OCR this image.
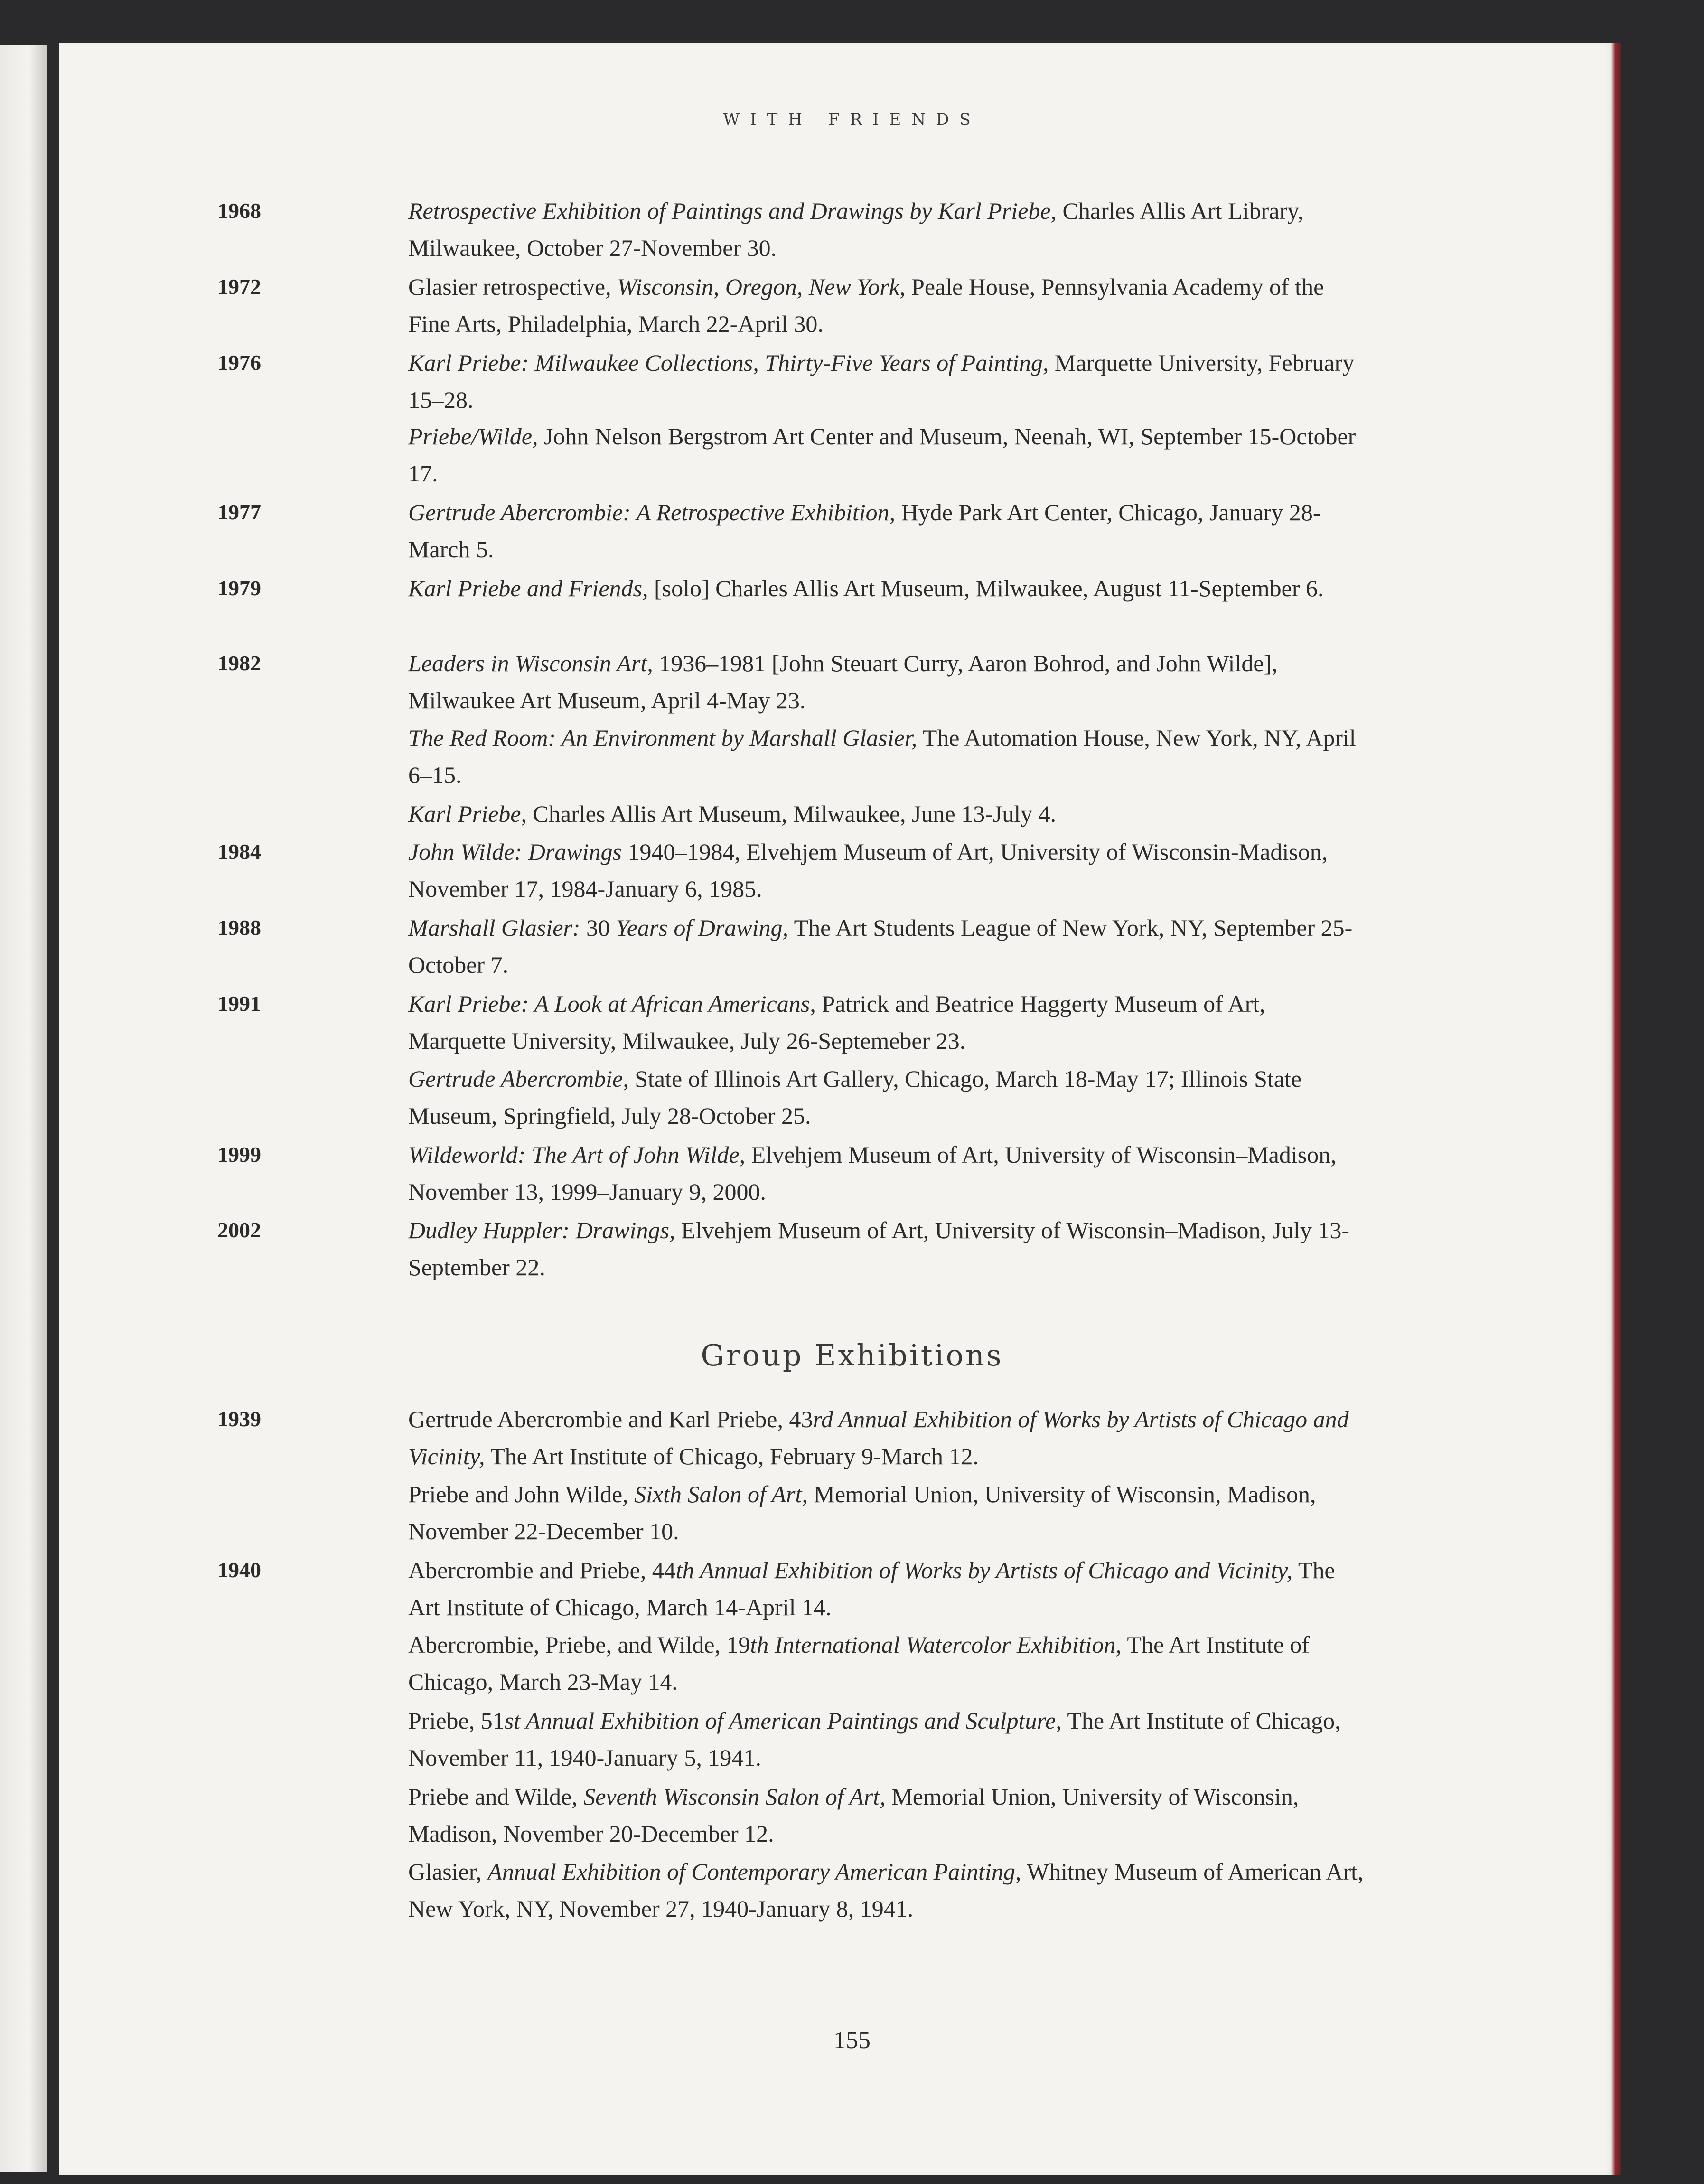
WITH FRIENDS
1968	Retrospective Exhibition of Paintings and Drawings by Karl Priebe, Charles Allis Art Library, Milwaukee, October 27-November 30.
1972	Glasier retrospective, Wisconsin, Oregon, New York, Peale House, Pennsylvania Academy of the Fine Arts, Philadelphia, March 22-April 30.
1976	Karl Priebe: Milwaukee Collections, Thirty-Five Years of Painting, Marquette University, February 15–28.
Priebe/Wilde, John Nelson Bergstrom Art Center and Museum, Neenah, WI, September 15-October 17.
1977	Gertrude Abercrombie: A Retrospective Exhibition, Hyde Park Art Center, Chicago, January 28-March 5.
1979	Karl Priebe and Friends, [solo] Charles Allis Art Museum, Milwaukee, August 11-September 6.
1982	Leaders in Wisconsin Art, 1936–1981 [John Steuart Curry, Aaron Bohrod, and John Wilde], Milwaukee Art Museum, April 4-May 23.
The Red Room: An Environment by Marshall Glasier, The Automation House, New York, NY, April 6–15.
Karl Priebe, Charles Allis Art Museum, Milwaukee, June 13-July 4.
1984	John Wilde: Drawings 1940–1984, Elvehjem Museum of Art, University of Wisconsin-Madison, November 17, 1984-January 6, 1985.
1988	Marshall Glasier: 30 Years of Drawing, The Art Students League of New York, NY, September 25-October 7.
1991	Karl Priebe: A Look at African Americans, Patrick and Beatrice Haggerty Museum of Art, Marquette University, Milwaukee, July 26-Septemeber 23.
Gertrude Abercrombie, State of Illinois Art Gallery, Chicago, March 18-May 17; Illinois State Museum, Springfield, July 28-October 25.
1999	Wildeworld: The Art of John Wilde, Elvehjem Museum of Art, University of Wisconsin–Madison, November 13, 1999–January 9, 2000.
2002	Dudley Huppler: Drawings, Elvehjem Museum of Art, University of Wisconsin–Madison, July 13-September 22.
Group Exhibitions
1939	Gertrude Abercrombie and Karl Priebe, 43rd Annual Exhibition of Works by Artists of Chicago and Vicinity, The Art Institute of Chicago, February 9-March 12.
Priebe and John Wilde, Sixth Salon of Art, Memorial Union, University of Wisconsin, Madison, November 22-December 10.
1940	Abercrombie and Priebe, 44th Annual Exhibition of Works by Artists of Chicago and Vicinity, The Art Institute of Chicago, March 14-April 14.
Abercrombie, Priebe, and Wilde, 19th International Watercolor Exhibition, The Art Institute of Chicago, March 23-May 14.
Priebe, 51st Annual Exhibition of American Paintings and Sculpture, The Art Institute of Chicago, November 11, 1940-January 5, 1941.
Priebe and Wilde, Seventh Wisconsin Salon of Art, Memorial Union, University of Wisconsin, Madison, November 20-December 12.
Glasier, Annual Exhibition of Contemporary American Painting, Whitney Museum of American Art, New York, NY, November 27, 1940-January 8, 1941.
155
